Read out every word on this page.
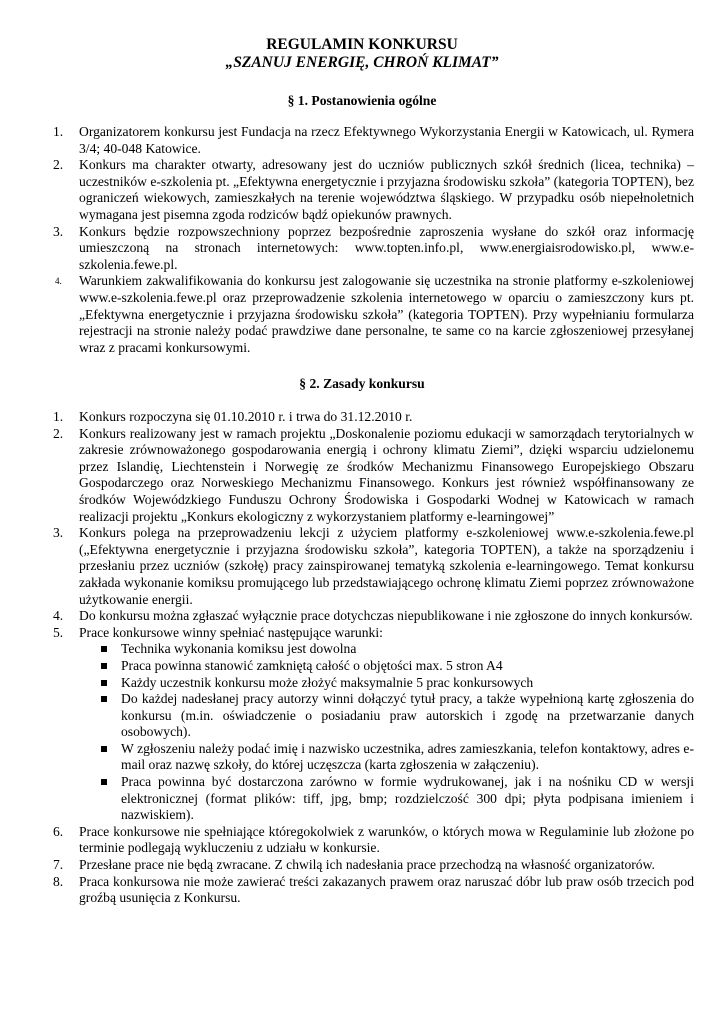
REGULAMIN KONKURSU
„SZANUJ ENERGIĘ, CHROŃ KLIMAT”
§ 1. Postanowienia ogólne
1. Organizatorem konkursu jest Fundacja na rzecz Efektywnego Wykorzystania Energii w Katowicach, ul. Rymera 3/4; 40-048 Katowice.
2. Konkurs ma charakter otwarty, adresowany jest do uczniów publicznych szkół średnich (licea, technika) – uczestników e-szkolenia pt. „Efektywna energetycznie i przyjazna środowisku szkoła” (kategoria TOPTEN), bez ograniczeń wiekowych, zamieszkałych na terenie województwa śląskiego. W przypadku osób niepełnoletnich wymagana jest pisemna zgoda rodziców bądź opiekunów prawnych.
3. Konkurs będzie rozpowszechniony poprzez bezpośrednie zaproszenia wysłane do szkół oraz informację umieszczoną na stronach internetowych: www.topten.info.pl, www.energiaisrodowisko.pl, www.e-szkolenia.fewe.pl.
4. Warunkiem zakwalifikowania do konkursu jest zalogowanie się uczestnika na stronie platformy e-szkoleniowej www.e-szkolenia.fewe.pl oraz przeprowadzenie szkolenia internetowego w oparciu o zamieszczony kurs pt. „Efektywna energetycznie i przyjazna środowisku szkoła” (kategoria TOPTEN). Przy wypełnianiu formularza rejestracji na stronie należy podać prawdziwe dane personalne, te same co na karcie zgłoszeniowej przesyłanej wraz z pracami konkursowymi.
§ 2. Zasady konkursu
1. Konkurs rozpoczyna się 01.10.2010 r. i trwa do 31.12.2010 r.
2. Konkurs realizowany jest w ramach projektu „Doskonalenie poziomu edukacji w samorządach terytorialnych w zakresie zrównoważonego gospodarowania energią i ochrony klimatu Ziemi”, dzięki wsparciu udzielonemu przez Islandię, Liechtenstein i Norwegię ze środków Mechanizmu Finansowego Europejskiego Obszaru Gospodarczego oraz Norweskiego Mechanizmu Finansowego. Konkurs jest również współfinansowany ze środków Wojewódzkiego Funduszu Ochrony Środowiska i Gospodarki Wodnej w Katowicach w ramach realizacji projektu „Konkurs ekologiczny z wykorzystaniem platformy e-learningowej”
3. Konkurs polega na przeprowadzeniu lekcji z użyciem platformy e-szkoleniowej www.e-szkolenia.fewe.pl („Efektywna energetycznie i przyjazna środowisku szkoła”, kategoria TOPTEN), a także na sporządzeniu i przesłaniu przez uczniów (szkołę) pracy zainspirowanej tematyką szkolenia e-learningowego. Temat konkursu zakłada wykonanie komiksu promującego lub przedstawiającego ochronę klimatu Ziemi poprzez zrównoważone użytkowanie energii.
4. Do konkursu można zgłaszać wyłącznie prace dotychczas niepublikowane i nie zgłoszone do innych konkursów.
5. Prace konkursowe winny spełniać następujące warunki:
Technika wykonania komiksu jest dowolna
Praca powinna stanowić zamkniętą całość o objętości max. 5 stron A4
Każdy uczestnik konkursu może złożyć maksymalnie 5 prac konkursowych
Do każdej nadesłanej pracy autorzy winni dołączyć tytuł pracy, a także wypełnioną kartę zgłoszenia do konkursu (m.in. oświadczenie o posiadaniu praw autorskich i zgodę na przetwarzanie danych osobowych).
W zgłoszeniu należy podać imię i nazwisko uczestnika, adres zamieszkania, telefon kontaktowy, adres e-mail oraz nazwę szkoły, do której uczęszcza (karta zgłoszenia w załączeniu).
Praca powinna być dostarczona zarówno w formie wydrukowanej, jak i na nośniku CD w wersji elektronicznej (format plików: tiff, jpg, bmp; rozdzielczość 300 dpi; płyta podpisana imieniem i nazwiskiem).
6. Prace konkursowe nie spełniające któregokolwiek z warunków, o których mowa w Regulaminie lub złożone po terminie podlegają wykluczeniu z udziału w konkursie.
7. Przesłane prace nie będą zwracane. Z chwilą ich nadesłania prace przechodzą na własność organizatorów.
8. Praca konkursowa nie może zawierać treści zakazanych prawem oraz naruszać dóbr lub praw osób trzecich pod groźbą usunięcia z Konkursu.
